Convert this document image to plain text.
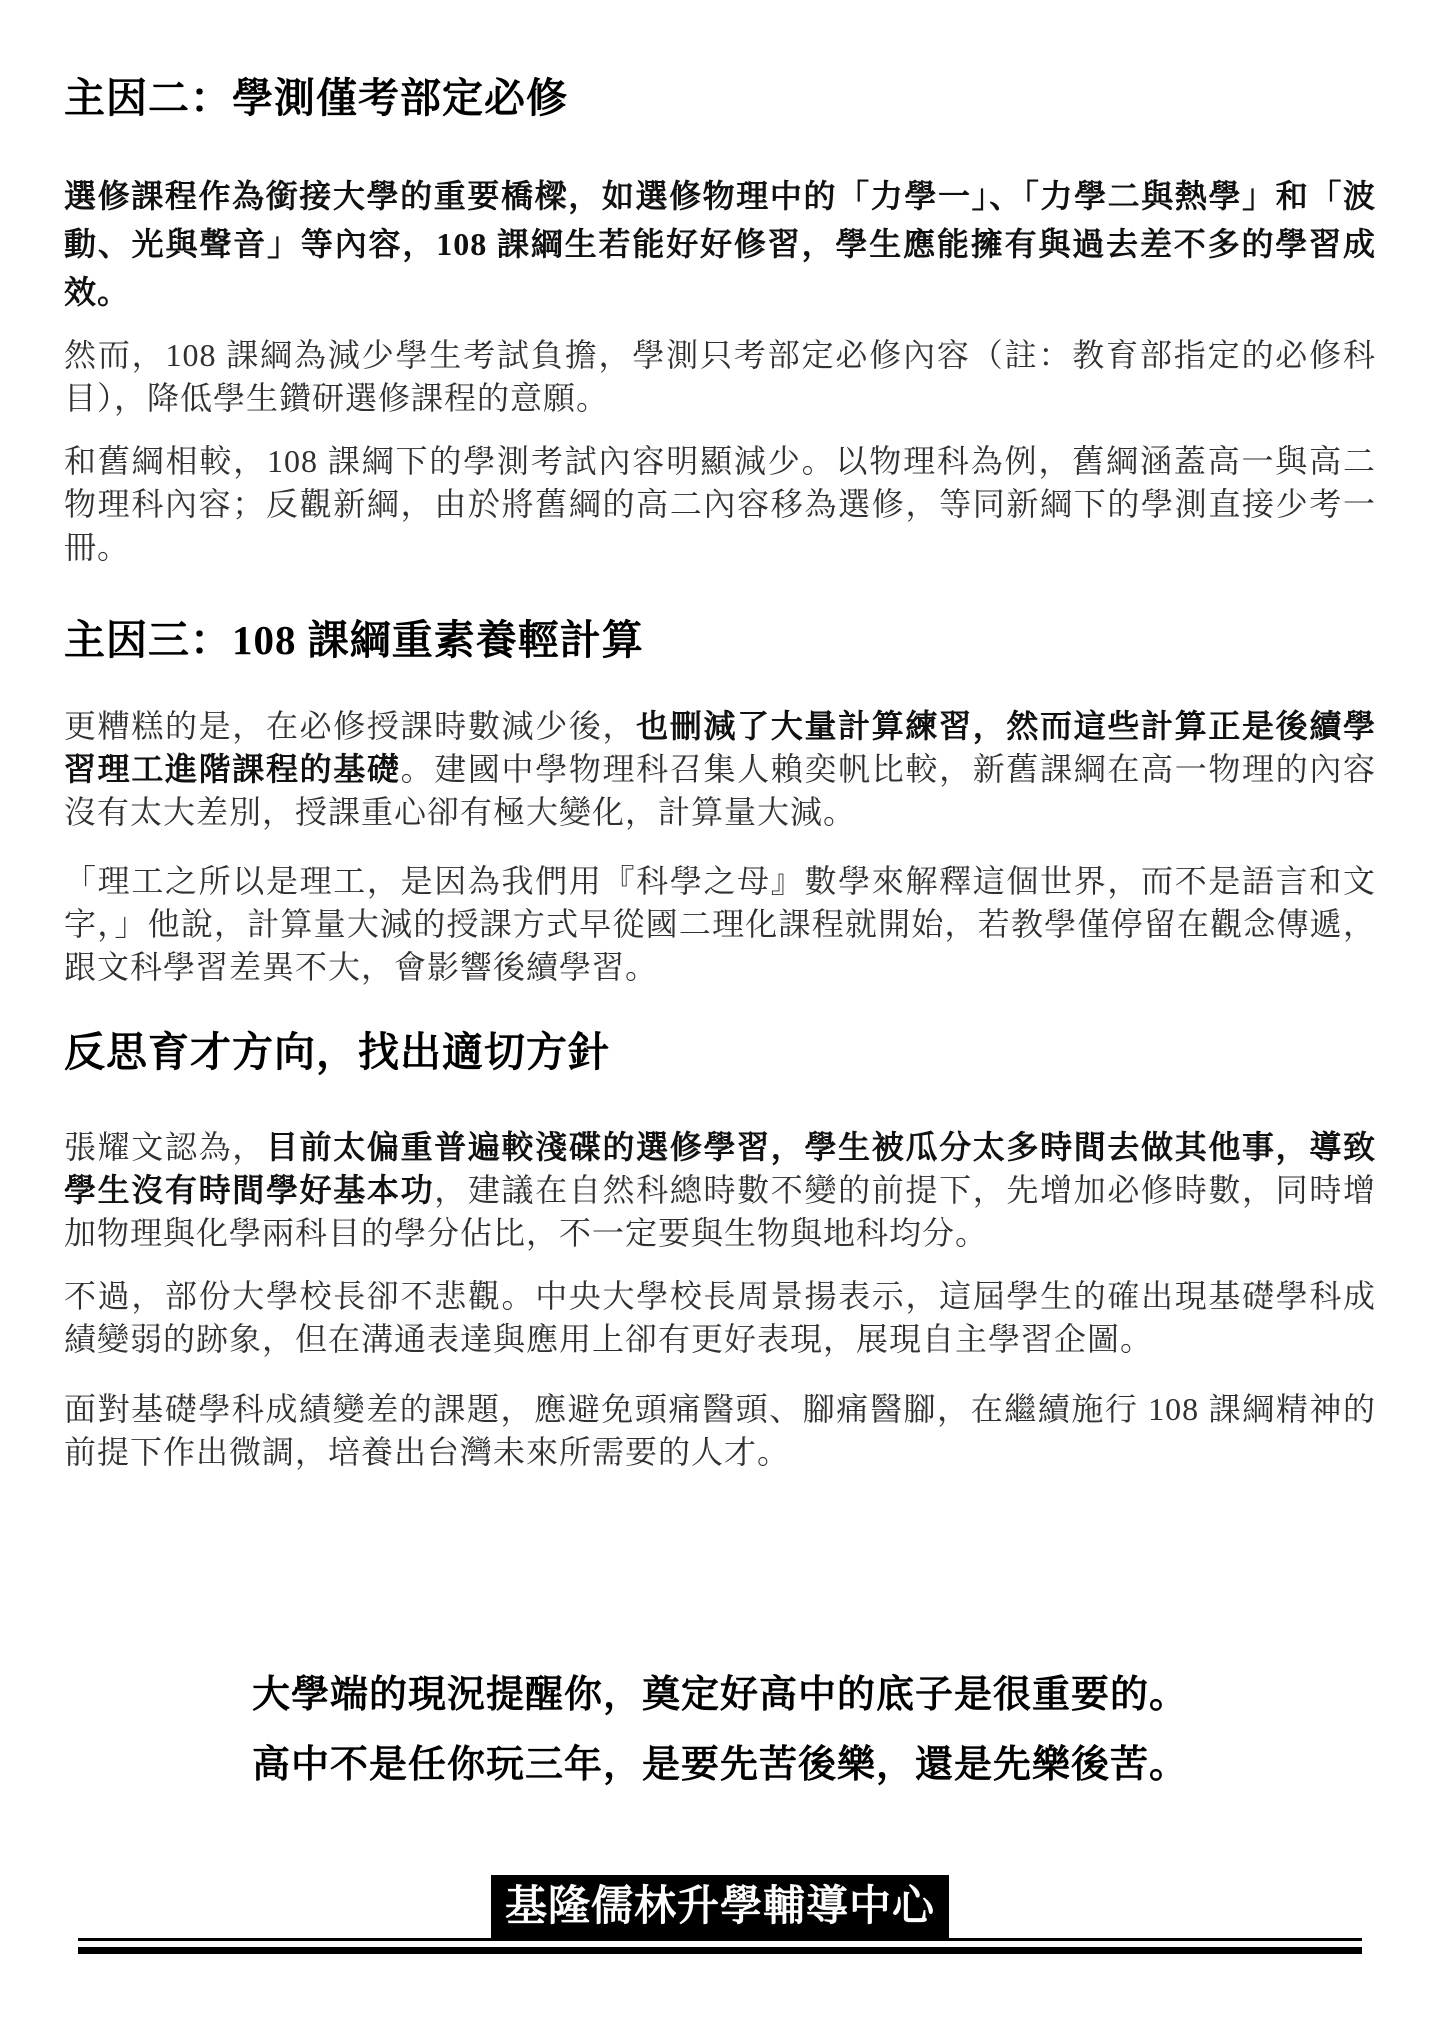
主因二：學測僅考部定必修

選修課程作為銜接大學的重要橋樑，如選修物理中的「力學一」、「力學二與熱學」和「波動、光與聲音」等內容，108 課綱生若能好好修習，學生應能擁有與過去差不多的學習成效。

然而，108 課綱為減少學生考試負擔，學測只考部定必修內容（註：教育部指定的必修科目），降低學生鑽研選修課程的意願。

和舊綱相較，108 課綱下的學測考試內容明顯減少。以物理科為例，舊綱涵蓋高一與高二物理科內容；反觀新綱，由於將舊綱的高二內容移為選修，等同新綱下的學測直接少考一冊。

主因三：108 課綱重素養輕計算

更糟糕的是，在必修授課時數減少後，也刪減了大量計算練習，然而這些計算正是後續學習理工進階課程的基礎。建國中學物理科召集人賴奕帆比較，新舊課綱在高一物理的內容沒有太大差別，授課重心卻有極大變化，計算量大減。

「理工之所以是理工，是因為我們用『科學之母』數學來解釋這個世界，而不是語言和文字，」他說，計算量大減的授課方式早從國二理化課程就開始，若教學僅停留在觀念傳遞，跟文科學習差異不大，會影響後續學習。

反思育才方向，找出適切方針

張耀文認為，目前太偏重普遍較淺碟的選修學習，學生被瓜分太多時間去做其他事，導致學生沒有時間學好基本功，建議在自然科總時數不變的前提下，先增加必修時數，同時增加物理與化學兩科目的學分佔比，不一定要與生物與地科均分。

不過，部份大學校長卻不悲觀。中央大學校長周景揚表示，這屆學生的確出現基礎學科成績變弱的跡象，但在溝通表達與應用上卻有更好表現，展現自主學習企圖。

面對基礎學科成績變差的課題，應避免頭痛醫頭、腳痛醫腳，在繼續施行 108 課綱精神的前提下作出微調，培養出台灣未來所需要的人才。

大學端的現況提醒你，奠定好高中的底子是很重要的。
高中不是任你玩三年，是要先苦後樂，還是先樂後苦。
基隆儒林升學輔導中心
